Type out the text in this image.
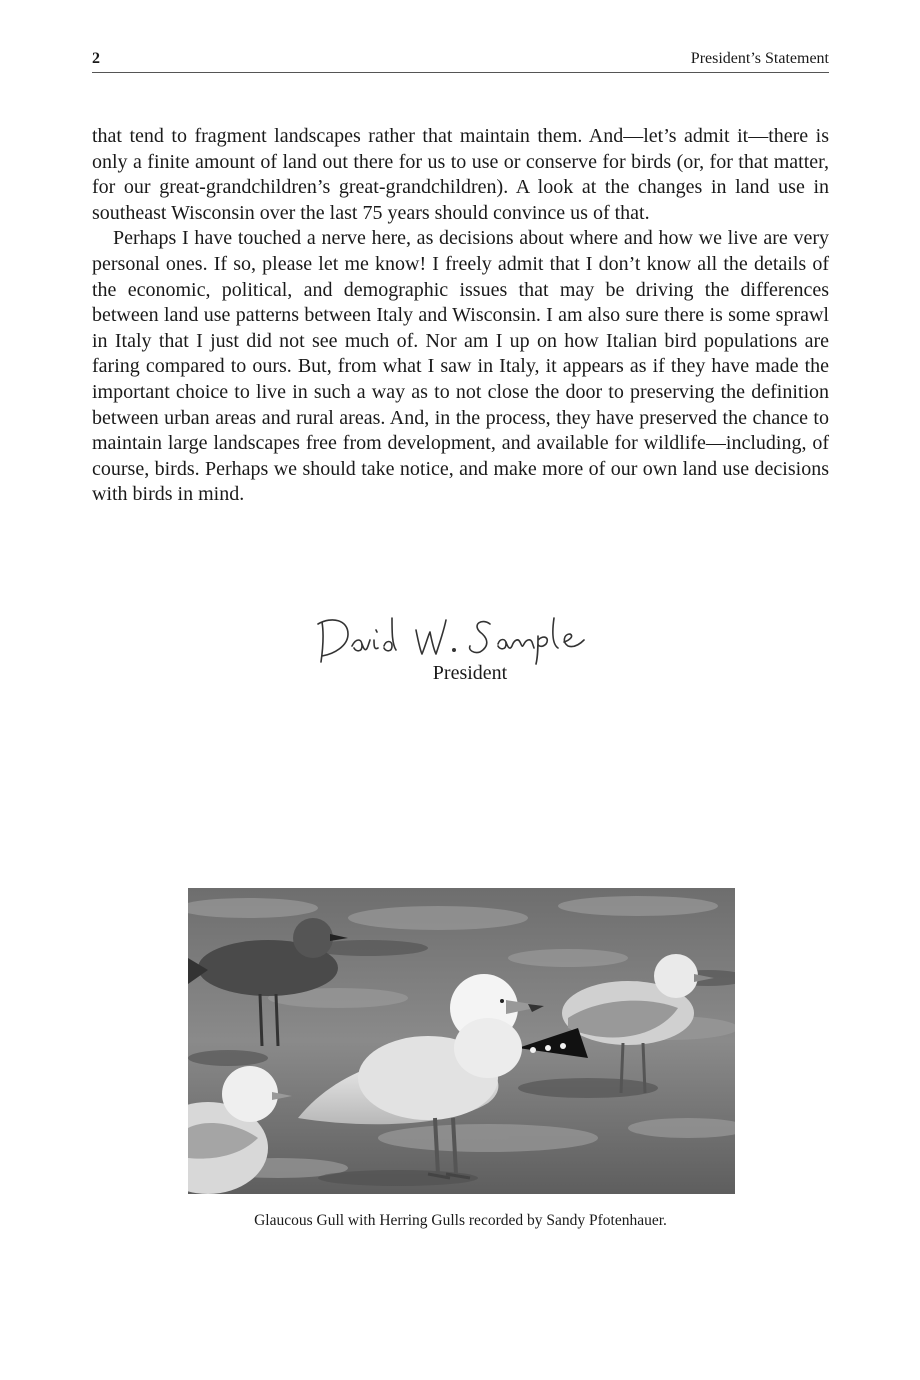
2	President’s Statement

that tend to fragment landscapes rather that maintain them. And—let’s admit it—there is only a finite amount of land out there for us to use or conserve for birds (or, for that matter, for our great-grandchildren’s great-grandchildren). A look at the changes in land use in southeast Wisconsin over the last 75 years should convince us of that.

Perhaps I have touched a nerve here, as decisions about where and how we live are very personal ones. If so, please let me know! I freely admit that I don’t know all the details of the economic, political, and demographic issues that may be driving the differences between land use patterns between Italy and Wisconsin. I am also sure there is some sprawl in Italy that I just did not see much of. Nor am I up on how Italian bird populations are faring compared to ours. But, from what I saw in Italy, it appears as if they have made the important choice to live in such a way as to not close the door to preserving the definition between urban areas and rural areas. And, in the process, they have preserved the chance to maintain large landscapes free from development, and available for wildlife—including, of course, birds. Perhaps we should take notice, and make more of our own land use decisions with birds in mind.

President
Glaucous Gull with Herring Gulls recorded by Sandy Pfotenhauer.
